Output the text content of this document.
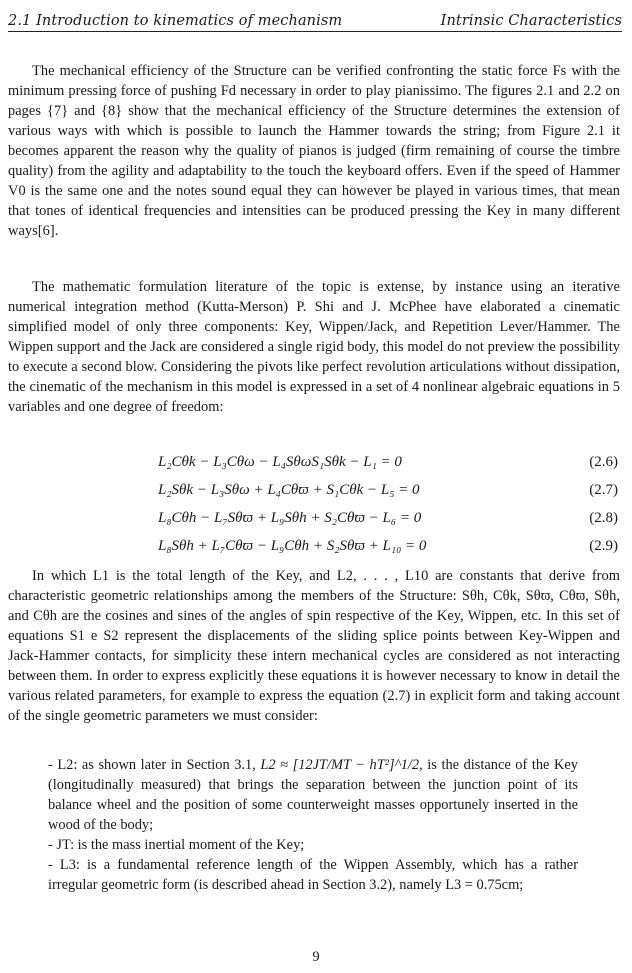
2.1 Introduction to kinematics of mechanism	Intrinsic Characteristics

The mechanical efficiency of the Structure can be verified confronting the static force Fs with the minimum pressing force of pushing Fd necessary in order to play pianissimo. The figures 2.1 and 2.2 on pages {7} and {8} show that the mechanical efficiency of the Structure determines the extension of various ways with which is possible to launch the Hammer towards the string; from Figure 2.1 it becomes apparent the reason why the quality of pianos is judged (firm remaining of course the timbre quality) from the agility and adaptability to the touch the keyboard offers. Even if the speed of Hammer V0 is the same one and the notes sound equal they can however be played in various times, that mean that tones of identical frequencies and intensities can be produced pressing the Key in many different ways[6].

The mathematic formulation literature of the topic is extense, by instance using an iterative numerical integration method (Kutta-Merson) P. Shi and J. McPhee have elaborated a cinematic simplified model of only three components: Key, Wippen/Jack, and Repetition Lever/Hammer. The Wippen support and the Jack are considered a single rigid body, this model do not preview the possibility to execute a second blow. Considering the pivots like perfect revolution articulations without dissipation, the cinematic of the mechanism in this model is expressed in a set of 4 nonlinear algebraic equations in 5 variables and one degree of freedom:

L₂Cθk − L₃Cθω − L₄SθωS₁Sθk − L₁ = 0	(2.6)
L₂Sθk − L₃Sθω + L₄Cθϖ + S₁Cθk − L₅ = 0	(2.7)
L₈Cθh − L₇Sθϖ + L₉Sθh + S₂Cθϖ − L₆ = 0	(2.8)
L₈Sθh + L₇Cθϖ − L₉Cθh + S₂Sθϖ + L₁₀ = 0	(2.9)

In which L1 is the total length of the Key, and L2, . . . , L10 are constants that derive from characteristic geometric relationships among the members of the Structure: Sθh, Cθk, Sθϖ, Cθϖ, Sθh, and Cθh are the cosines and sines of the angles of spin respective of the Key, Wippen, etc. In this set of equations S1 e S2 represent the displacements of the sliding splice points between Key-Wippen and Jack-Hammer contacts, for simplicity these intern mechanical cycles are considered as not interacting between them. In order to express explicitly these equations it is however necessary to know in detail the various related parameters, for example to express the equation (2.7) in explicit form and taking account of the single geometric parameters we must consider:

- L2: as shown later in Section 3.1, L2 ≈ [12JT/MT − hT²]^1/2, is the distance of the Key (longitudinally measured) that brings the separation between the junction point of its balance wheel and the position of some counterweight masses opportunely inserted in the wood of the body;

- JT: is the mass inertial moment of the Key;

- L3: is a fundamental reference length of the Wippen Assembly, which has a rather irregular geometric form (is described ahead in Section 3.2), namely L3 = 0.75cm;

9
